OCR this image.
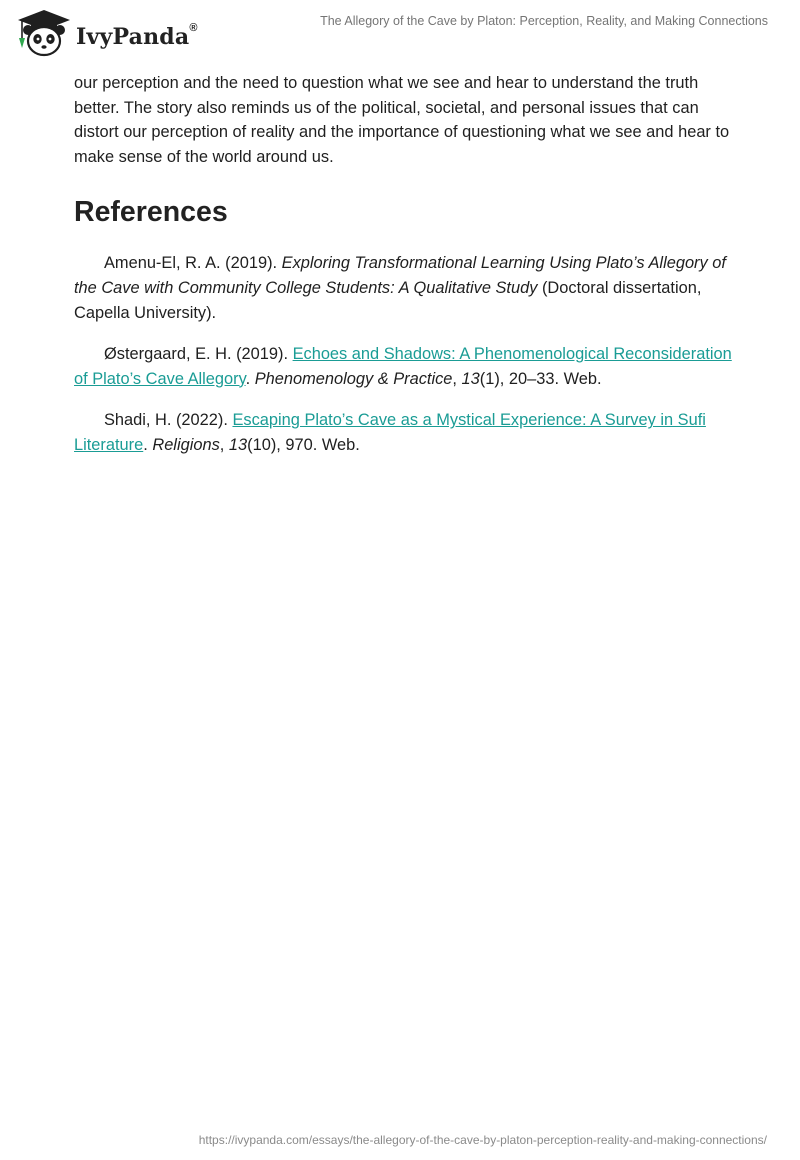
IvyPanda®	The Allegory of the Cave by Platon: Perception, Reality, and Making Connections

our perception and the need to question what we see and hear to understand the truth better. The story also reminds us of the political, societal, and personal issues that can distort our perception of reality and the importance of questioning what we see and hear to make sense of the world around us.

References

Amenu-El, R. A. (2019). Exploring Transformational Learning Using Plato’s Allegory of the Cave with Community College Students: A Qualitative Study (Doctoral dissertation, Capella University).

Østergaard, E. H. (2019). Echoes and Shadows: A Phenomenological Reconsideration of Plato’s Cave Allegory. Phenomenology & Practice, 13(1), 20–33. Web.

Shadi, H. (2022). Escaping Plato’s Cave as a Mystical Experience: A Survey in Sufi Literature. Religions, 13(10), 970. Web.

https://ivypanda.com/essays/the-allegory-of-the-cave-by-platon-perception-reality-and-making-connections/
